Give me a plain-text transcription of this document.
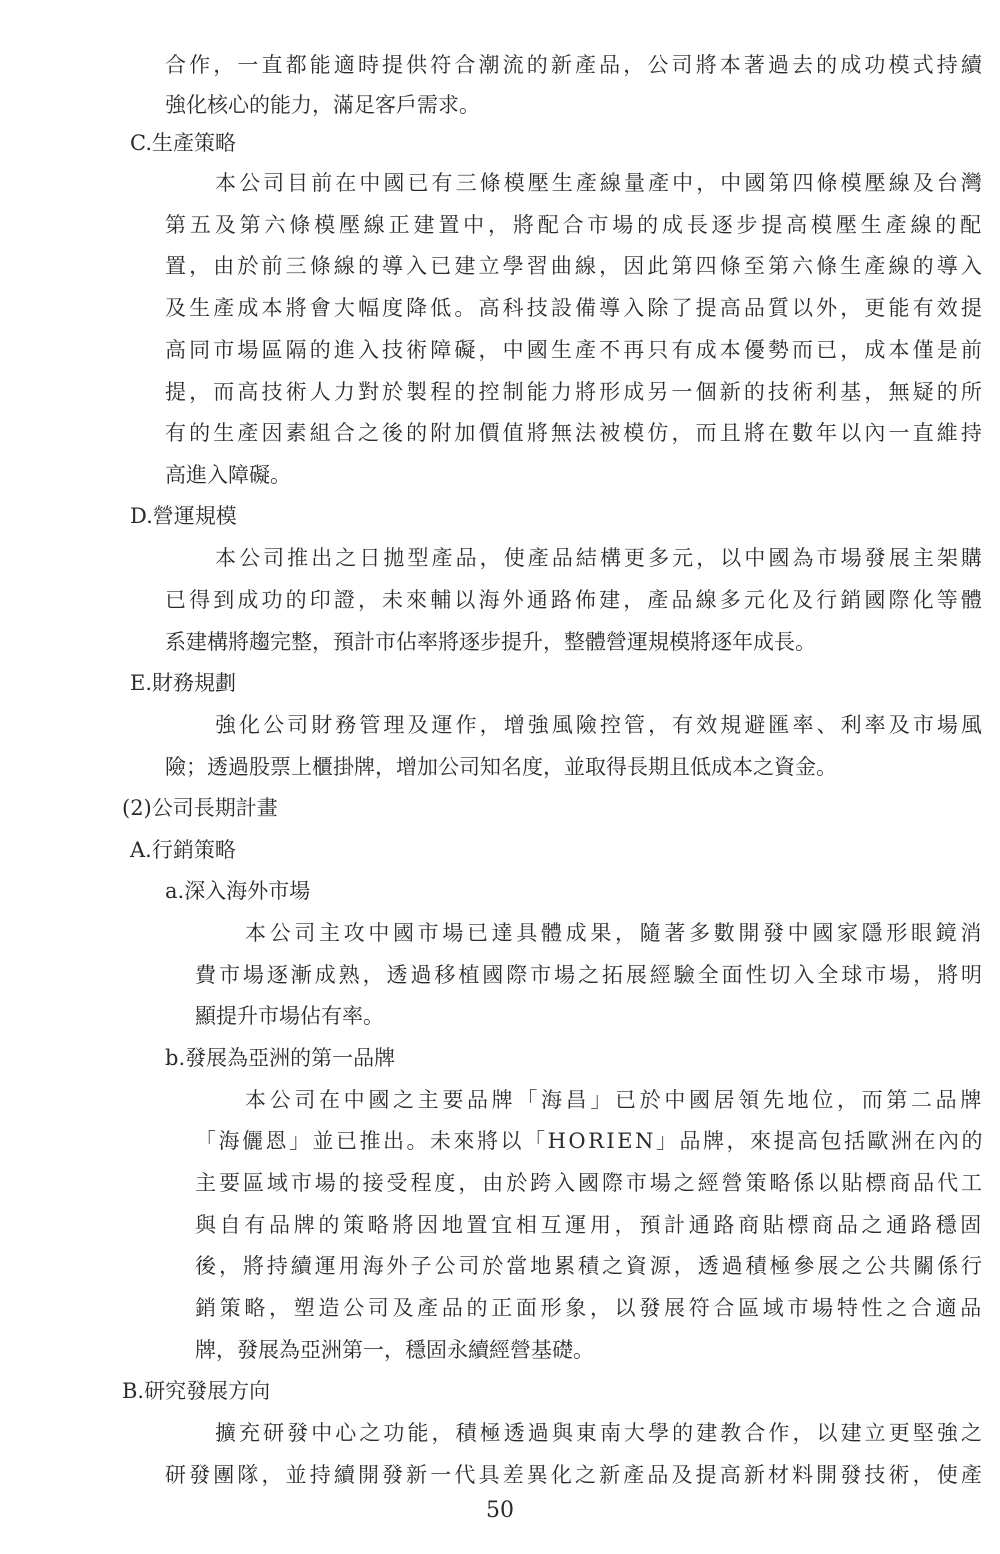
合作，一直都能適時提供符合潮流的新產品，公司將本著過去的成功模式持續
強化核心的能力，滿足客戶需求。
C.生產策略
本公司目前在中國已有三條模壓生產線量產中，中國第四條模壓線及台灣
第五及第六條模壓線正建置中，將配合市場的成長逐步提高模壓生產線的配
置，由於前三條線的導入已建立學習曲線，因此第四條至第六條生產線的導入
及生產成本將會大幅度降低。高科技設備導入除了提高品質以外，更能有效提
高同市場區隔的進入技術障礙，中國生產不再只有成本優勢而已，成本僅是前
提，而高技術人力對於製程的控制能力將形成另一個新的技術利基，無疑的所
有的生產因素組合之後的附加價值將無法被模仿，而且將在數年以內一直維持
高進入障礙。
D.營運規模
本公司推出之日拋型產品，使產品結構更多元，以中國為市場發展主架購
已得到成功的印證，未來輔以海外通路佈建，產品線多元化及行銷國際化等體
系建構將趨完整，預計市佔率將逐步提升，整體營運規模將逐年成長。
E.財務規劃
強化公司財務管理及運作，增強風險控管，有效規避匯率、利率及市場風
險；透過股票上櫃掛牌，增加公司知名度，並取得長期且低成本之資金。
(2)公司長期計畫
A.行銷策略
a.深入海外市場
本公司主攻中國市場已達具體成果，隨著多數開發中國家隱形眼鏡消
費市場逐漸成熟，透過移植國際市場之拓展經驗全面性切入全球市場，將明
顯提升市場佔有率。
b.發展為亞洲的第一品牌
本公司在中國之主要品牌「海昌」已於中國居領先地位，而第二品牌
「海儷恩」並已推出。未來將以「HORIEN」品牌，來提高包括歐洲在內的
主要區域市場的接受程度，由於跨入國際市場之經營策略係以貼標商品代工
與自有品牌的策略將因地置宜相互運用，預計通路商貼標商品之通路穩固
後，將持續運用海外子公司於當地累積之資源，透過積極參展之公共關係行
銷策略，塑造公司及產品的正面形象，以發展符合區域市場特性之合適品
牌，發展為亞洲第一，穩固永續經營基礎。
B.研究發展方向
擴充研發中心之功能，積極透過與東南大學的建教合作，以建立更堅強之
研發團隊，並持續開發新一代具差異化之新產品及提高新材料開發技術，使產
50
